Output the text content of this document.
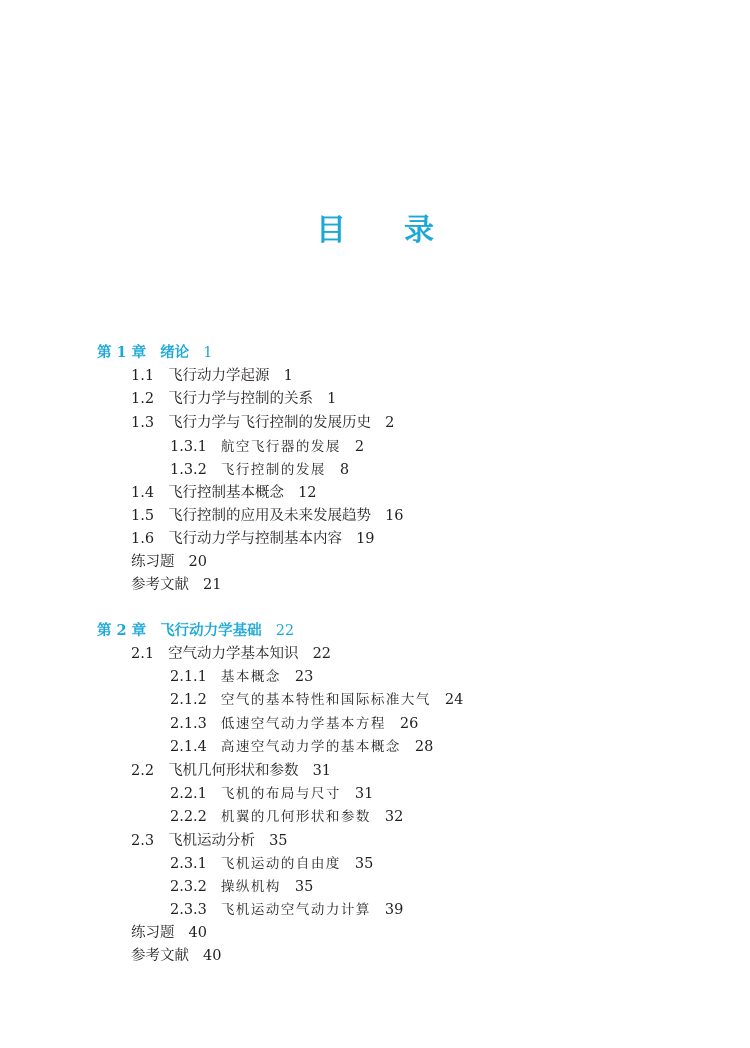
目 录
第 1 章 绪论 1
1.1 飞行动力学起源 1
1.2 飞行力学与控制的关系 1
1.3 飞行力学与飞行控制的发展历史 2
1.3.1 航空飞行器的发展 2
1.3.2 飞行控制的发展 8
1.4 飞行控制基本概念 12
1.5 飞行控制的应用及未来发展趋势 16
1.6 飞行动力学与控制基本内容 19
练习题 20
参考文献 21
第 2 章 飞行动力学基础 22
2.1 空气动力学基本知识 22
2.1.1 基本概念 23
2.1.2 空气的基本特性和国际标准大气 24
2.1.3 低速空气动力学基本方程 26
2.1.4 高速空气动力学的基本概念 28
2.2 飞机几何形状和参数 31
2.2.1 飞机的布局与尺寸 31
2.2.2 机翼的几何形状和参数 32
2.3 飞机运动分析 35
2.3.1 飞机运动的自由度 35
2.3.2 操纵机构 35
2.3.3 飞机运动空气动力计算 39
练习题 40
参考文献 40
